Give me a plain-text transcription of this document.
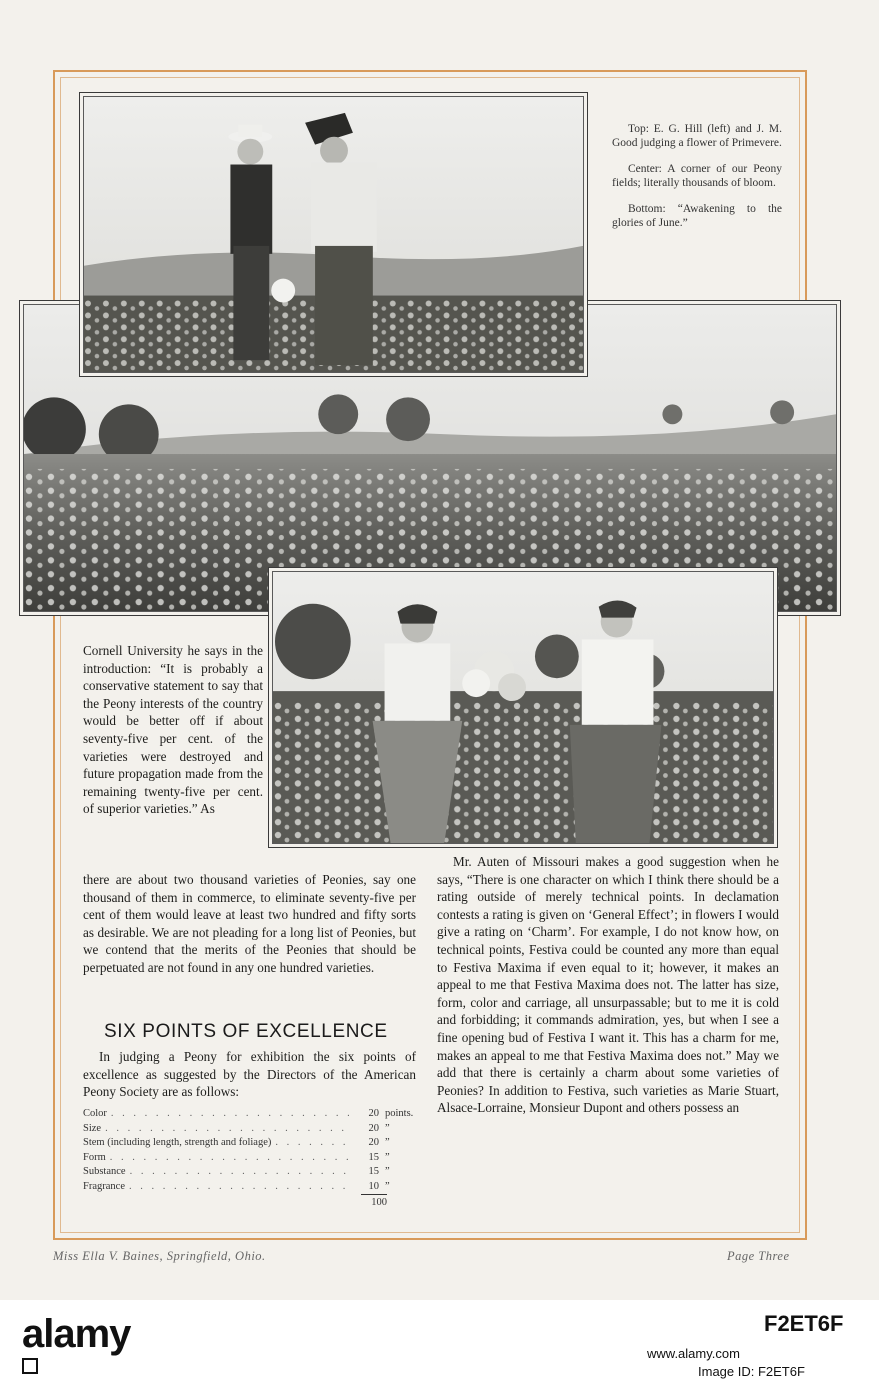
Top: E. G. Hill (left) and J. M. Good judging a flower of Primevere.

Center: A corner of our Peony fields; literally thousands of bloom.

Bottom: “Awakening to the glories of June.”

Cornell University he says in the introduction: “It is probably a conservative statement to say that the Peony interests of the country would be better off if about seventy-five per cent. of the varieties were destroyed and future propagation made from the remaining twenty-five per cent. of superior varieties.” As

there are about two thousand varieties of Peonies, say one thousand of them in commerce, to eliminate seventy-five per cent of them would leave at least two hundred and fifty sorts as desirable. We are not pleading for a long list of Peonies, but we contend that the merits of the Peonies that should be perpetuated are not found in any one hundred varieties.

SIX POINTS OF EXCELLENCE

In judging a Peony for exhibition the six points of excellence as suggested by the Directors of the American Peony Society are as follows:

Color . . .	20 points.
Size . . .	20 ”
Stem (including length, strength and foliage) . . .	20 ”
Form . . .	15 ”
Substance . . .	15 ”
Fragrance . . .	10 ”
100

Mr. Auten of Missouri makes a good suggestion when he says, “There is one character on which I think there should be a rating outside of merely technical points. In declamation contests a rating is given on ‘General Effect’; in flowers I would give a rating on ‘Charm’. For example, I do not know how, on technical points, Festiva could be counted any more than equal to Festiva Maxima if even equal to it; however, it makes an appeal to me that Festiva Maxima does not. The latter has size, form, color and carriage, all unsurpassable; but to me it is cold and forbidding; it commands admiration, yes, but when I see a fine opening bud of Festiva I want it. This has a charm for me, makes an appeal to me that Festiva Maxima does not.” May we add that there is certainly a charm about some varieties of Peonies? In addition to Festiva, such varieties as Marie Stuart, Alsace-Lorraine, Monsieur Dupont and others possess an

Miss Ella V. Baines, Springfield, Ohio.	Page Three
alamy	F2ET6F
www.alamy.com
Image ID: F2ET6F
